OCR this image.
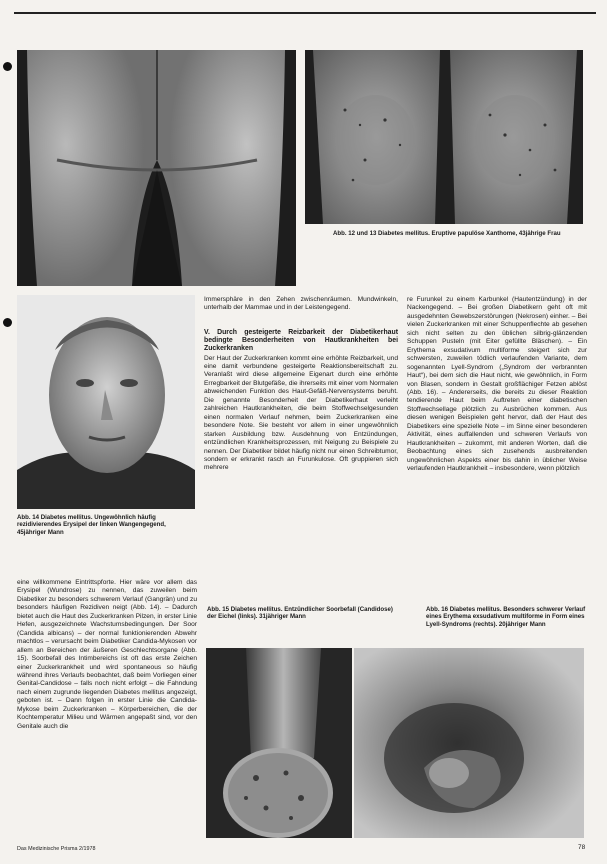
Abb. 12 und 13 Diabetes mellitus. Eruptive papulöse Xanthome, 43jährige Frau
Abb. 14 Diabetes mellitus. Ungewöhnlich häufig rezidivierendes Erysipel der linken Wangengegend, 45jähriger Mann

Immersphäre in den Zehen zwischenräumen. Mundwinkeln, unterhalb der Mammae und in der Leistengegend.

V. Durch gesteigerte Reizbarkeit der Diabetikerhaut bedingte Besonderheiten von Hautkrankheiten bei Zuckerkranken

Der Haut der Zuckerkranken kommt eine erhöhte Reizbarkeit, und eine damit verbundene gesteigerte Reaktionsbereitschaft zu. Veranlaßt wird diese allgemeine Eigenart durch eine erhöhte Erregbarkeit der Blutgefäße, die ihrerseits mit einer vom Normalen abweichenden Funktion des Haut-Gefäß-Nervensystems beruht. Die genannte Besonderheit der Diabetikerhaut verleiht zahlreichen Hautkrankheiten, die beim Stoffwechselgesunden einen normalen Verlauf nehmen, beim Zuckerkranken eine besondere Note. Sie besteht vor allem in einer ungewöhnlich starken Ausbildung bzw. Ausdehnung von Entzündungen, entzündlichen Krankheitsprozessen, mit Neigung zu Beispiele zu nennen. Der Diabetiker bildet häufig nicht nur einen Schreibtumor, sondern er erkrankt rasch an Furunkulose. Oft gruppieren sich mehrere

re Furunkel zu einem Karbunkel (Hautentzündung) in der Nackengegend. – Bei großen Diabetikern geht oft mit ausgedehnten Gewebszerstörungen (Nekrosen) einher. – Bei vielen Zuckerkranken mit einer Schuppenflechte ab gesehen sich nicht selten zu den üblichen silbrig-glänzenden Schuppen Pusteln (mit Eiter gefüllte Bläschen). – Ein Erythema exsudativum multiforme steigert sich zur schwersten, zuweilen tödlich verlaufenden Variante, dem sogenannten Lyell-Syndrom („Syndrom der verbrannten Haut“), bei dem sich die Haut nicht, wie gewöhnlich, in Form von Blasen, sondern in Gestalt großflächiger Fetzen ablöst (Abb. 16). – Andererseits, die bereits zu dieser Reaktion tendierende Haut beim Auftreten einer diabetischen Stoffwechsellage plötzlich zu Ausbrüchen kommen. Aus diesen wenigen Beispielen geht hervor, daß der Haut des Diabetikers eine spezielle Note – im Sinne einer besonderen Aktivität, eines auffallenden und schweren Verlaufs von Hautkrankheiten – zukommt, mit anderen Worten, daß die Beobachtung eines sich zusehends ausbreitenden ungewöhnlichen Aspekts einer bis dahin in üblicher Weise verlaufenden Hautkrankheit – insbesondere, wenn plötzlich

eine willkommene Eintrittspforte. Hier wäre vor allem das Erysipel (Wundrose) zu nennen, das zuweilen beim Diabetiker zu besonders schwerem Verlauf (Gangrän) und zu besonders häufigen Rezidiven neigt (Abb. 14). – Dadurch bietet auch die Haut des Zuckerkranken Pilzen, in erster Linie Hefen, ausgezeichnete Wachstumsbedingungen. Der Soor (Candida albicans) – der normal funktionierenden Abwehr machtlos – verursacht beim Diabetiker Candida-Mykosen vor allem an Bereichen der äußeren Geschlechtsorgane (Abb. 15). Soorbefall des Intimbereichs ist oft das erste Zeichen einer Zuckerkrankheit und wird spontaneous so häufig während ihres Verlaufs beobachtet, daß beim Vorliegen einer Genital-Candidose – falls noch nicht erfolgt – die Fahndung nach einem zugrunde liegenden Diabetes mellitus angezeigt, geboten ist. – Dann folgen in erster Linie die Candida-Mykose beim Zuckerkranken – Körperbereichen, die der Kochtemperatur Milieu und Wärmen angepaßt sind, vor den Genitale auch die

Abb. 15 Diabetes mellitus. Entzündlicher Soorbefall (Candidose) der Eichel (links). 31jähriger Mann
Abb. 16 Diabetes mellitus. Besonders schwerer Verlauf eines Erythema exsudativum multiforme in Form eines Lyell-Syndroms (rechts). 20jähriger Mann
Das Medizinische Prisma 2/1978	78
